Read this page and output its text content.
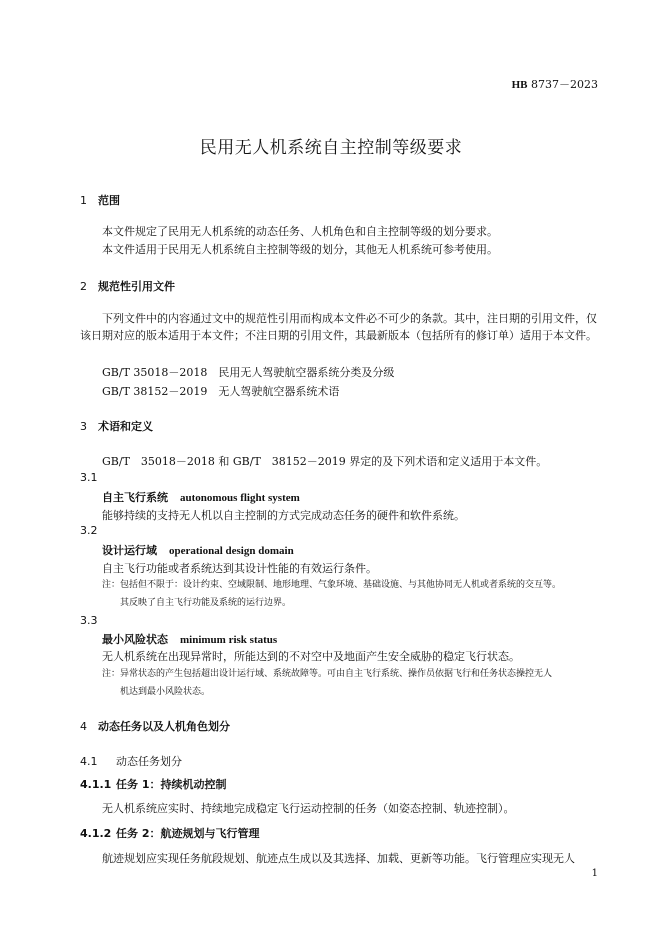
HB 8737－2023
民用无人机系统自主控制等级要求
1 范围
本文件规定了民用无人机系统的动态任务、人机角色和自主控制等级的划分要求。
本文件适用于民用无人机系统自主控制等级的划分，其他无人机系统可参考使用。
2 规范性引用文件
下列文件中的内容通过文中的规范性引用而构成本文件必不可少的条款。其中，注日期的引用文件，仅该日期对应的版本适用于本文件；不注日期的引用文件，其最新版本（包括所有的修订单）适用于本文件。
GB/T 35018－2018　民用无人驾驶航空器系统分类及分级
GB/T 38152－2019　无人驾驶航空器系统术语
3 术语和定义
GB/T　35018－2018 和 GB/T　38152－2019 界定的及下列术语和定义适用于本文件。
3.1
自主飞行系统 autonomous flight system
能够持续的支持无人机以自主控制的方式完成动态任务的硬件和软件系统。
3.2
设计运行域 operational design domain
自主飞行功能或者系统达到其设计性能的有效运行条件。
注：包括但不限于：设计约束、空域限制、地形地理、气象环境、基础设施、与其他协同无人机或者系统的交互等。
其反映了自主飞行功能及系统的运行边界。
3.3
最小风险状态 minimum risk status
无人机系统在出现异常时，所能达到的不对空中及地面产生安全威胁的稳定飞行状态。
注：异常状态的产生包括超出设计运行域、系统故障等。可由自主飞行系统、操作员依据飞行和任务状态操控无人
机达到最小风险状态。
4 动态任务以及人机角色划分
4.1 动态任务划分
4.1.1 任务 1：持续机动控制
无人机系统应实时、持续地完成稳定飞行运动控制的任务（如姿态控制、轨迹控制）。
4.1.2 任务 2：航迹规划与飞行管理
航迹规划应实现任务航段规划、航迹点生成以及其选择、加载、更新等功能。飞行管理应实现无人
1
